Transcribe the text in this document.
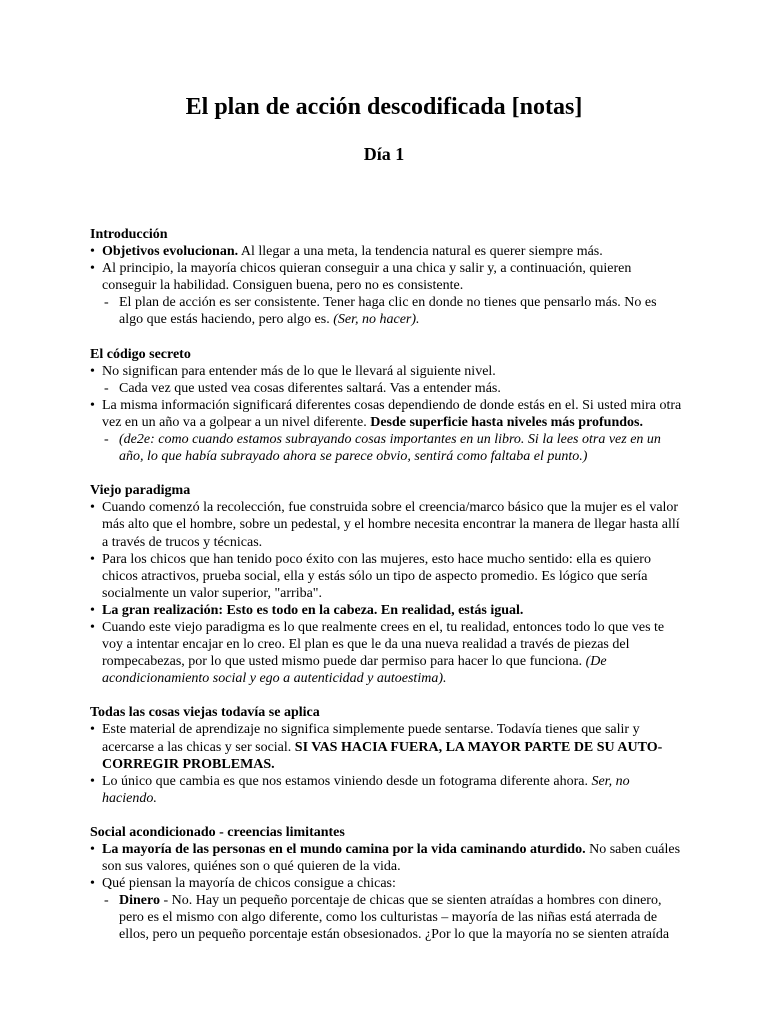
El plan de acción descodificada [notas]
Día 1
Introducción
• Objetivos evolucionan. Al llegar a una meta, la tendencia natural es querer siempre más.
• Al principio, la mayoría chicos quieran conseguir a una chica y salir y, a continuación, quieren conseguir la habilidad. Consiguen buena, pero no es consistente.
- El plan de acción es ser consistente. Tener haga clic en donde no tienes que pensarlo más. No es algo que estás haciendo, pero algo es. (Ser, no hacer).
El código secreto
• No significan para entender más de lo que le llevará al siguiente nivel.
- Cada vez que usted vea cosas diferentes saltará. Vas a entender más.
• La misma información significará diferentes cosas dependiendo de donde estás en el. Si usted mira otra vez en un año va a golpear a un nivel diferente. Desde superficie hasta niveles más profundos.
- (de2e: como cuando estamos subrayando cosas importantes en un libro. Si la lees otra vez en un año, lo que había subrayado ahora se parece obvio, sentirá como faltaba el punto.)
Viejo paradigma
• Cuando comenzó la recolección, fue construida sobre el creencia/marco básico que la mujer es el valor más alto que el hombre, sobre un pedestal, y el hombre necesita encontrar la manera de llegar hasta allí a través de trucos y técnicas.
• Para los chicos que han tenido poco éxito con las mujeres, esto hace mucho sentido: ella es quiero chicos atractivos, prueba social, ella y estás sólo un tipo de aspecto promedio. Es lógico que sería socialmente un valor superior, "arriba".
• La gran realización: Esto es todo en la cabeza. En realidad, estás igual.
• Cuando este viejo paradigma es lo que realmente crees en el, tu realidad, entonces todo lo que ves te voy a intentar encajar en lo creo. El plan es que le da una nueva realidad a través de piezas del rompecabezas, por lo que usted mismo puede dar permiso para hacer lo que funciona. (De acondicionamiento social y ego a autenticidad y autoestima).
Todas las cosas viejas todavía se aplica
• Este material de aprendizaje no significa simplemente puede sentarse. Todavía tienes que salir y acercarse a las chicas y ser social. SI VAS HACIA FUERA, LA MAYOR PARTE DE SU AUTO-CORREGIR PROBLEMAS.
• Lo único que cambia es que nos estamos viniendo desde un fotograma diferente ahora. Ser, no haciendo.
Social acondicionado - creencias limitantes
• La mayoría de las personas en el mundo camina por la vida caminando aturdido. No saben cuáles son sus valores, quiénes son o qué quieren de la vida.
• Qué piensan la mayoría de chicos consigue a chicas:
- Dinero - No. Hay un pequeño porcentaje de chicas que se sienten atraídas a hombres con dinero, pero es el mismo con algo diferente, como los culturistas – mayoría de las niñas está aterrada de ellos, pero un pequeño porcentaje están obsesionados. ¿Por lo que la mayoría no se sienten atraída
